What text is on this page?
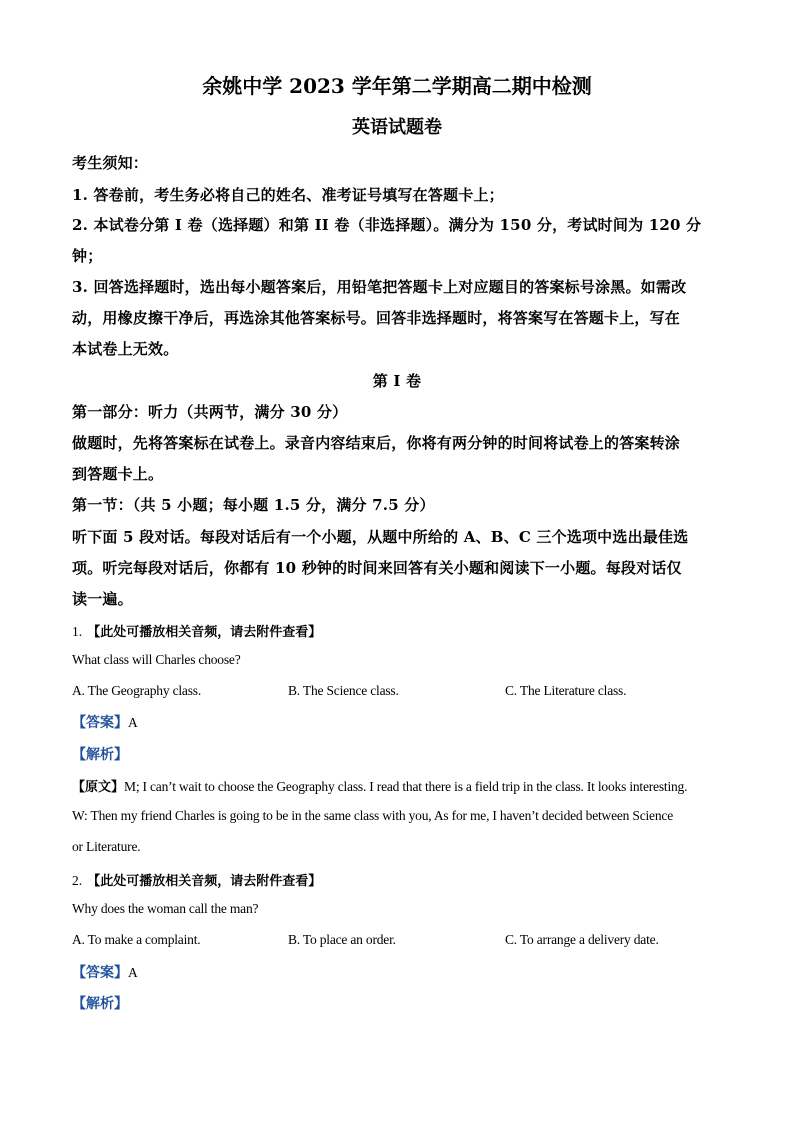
余姚中学 2023 学年第二学期高二期中检测
英语试题卷
考生须知：
1. 答卷前，考生务必将自己的姓名、准考证号填写在答题卡上；
2. 本试卷分第 I 卷（选择题）和第 II 卷（非选择题）。满分为 150 分，考试时间为 120 分
钟；
3. 回答选择题时，选出每小题答案后，用铅笔把答题卡上对应题目的答案标号涂黑。如需改
动，用橡皮擦干净后，再选涂其他答案标号。回答非选择题时，将答案写在答题卡上，写在
本试卷上无效。
第 I 卷
第一部分：听力（共两节，满分 30 分）
做题时，先将答案标在试卷上。录音内容结束后，你将有两分钟的时间将试卷上的答案转涂
到答题卡上。
第一节：（共 5 小题；每小题 1.5 分，满分 7.5 分）
听下面 5 段对话。每段对话后有一个小题，从题中所给的 A、B、C 三个选项中选出最佳选
项。听完每段对话后，你都有 10 秒钟的时间来回答有关小题和阅读下一小题。每段对话仅
读一遍。
1. 【此处可播放相关音频，请去附件查看】
What class will Charles choose?
A. The Geography class.	B. The Science class.	C. The Literature class.
【答案】A
【解析】
【原文】M; I can’t wait to choose the Geography class. I read that there is a field trip in the class. It looks interesting.
W: Then my friend Charles is going to be in the same class with you, As for me, I haven’t decided between Science
or Literature.
2. 【此处可播放相关音频，请去附件查看】
Why does the woman call the man?
A. To make a complaint.	B. To place an order.	C. To arrange a delivery date.
【答案】A
【解析】
